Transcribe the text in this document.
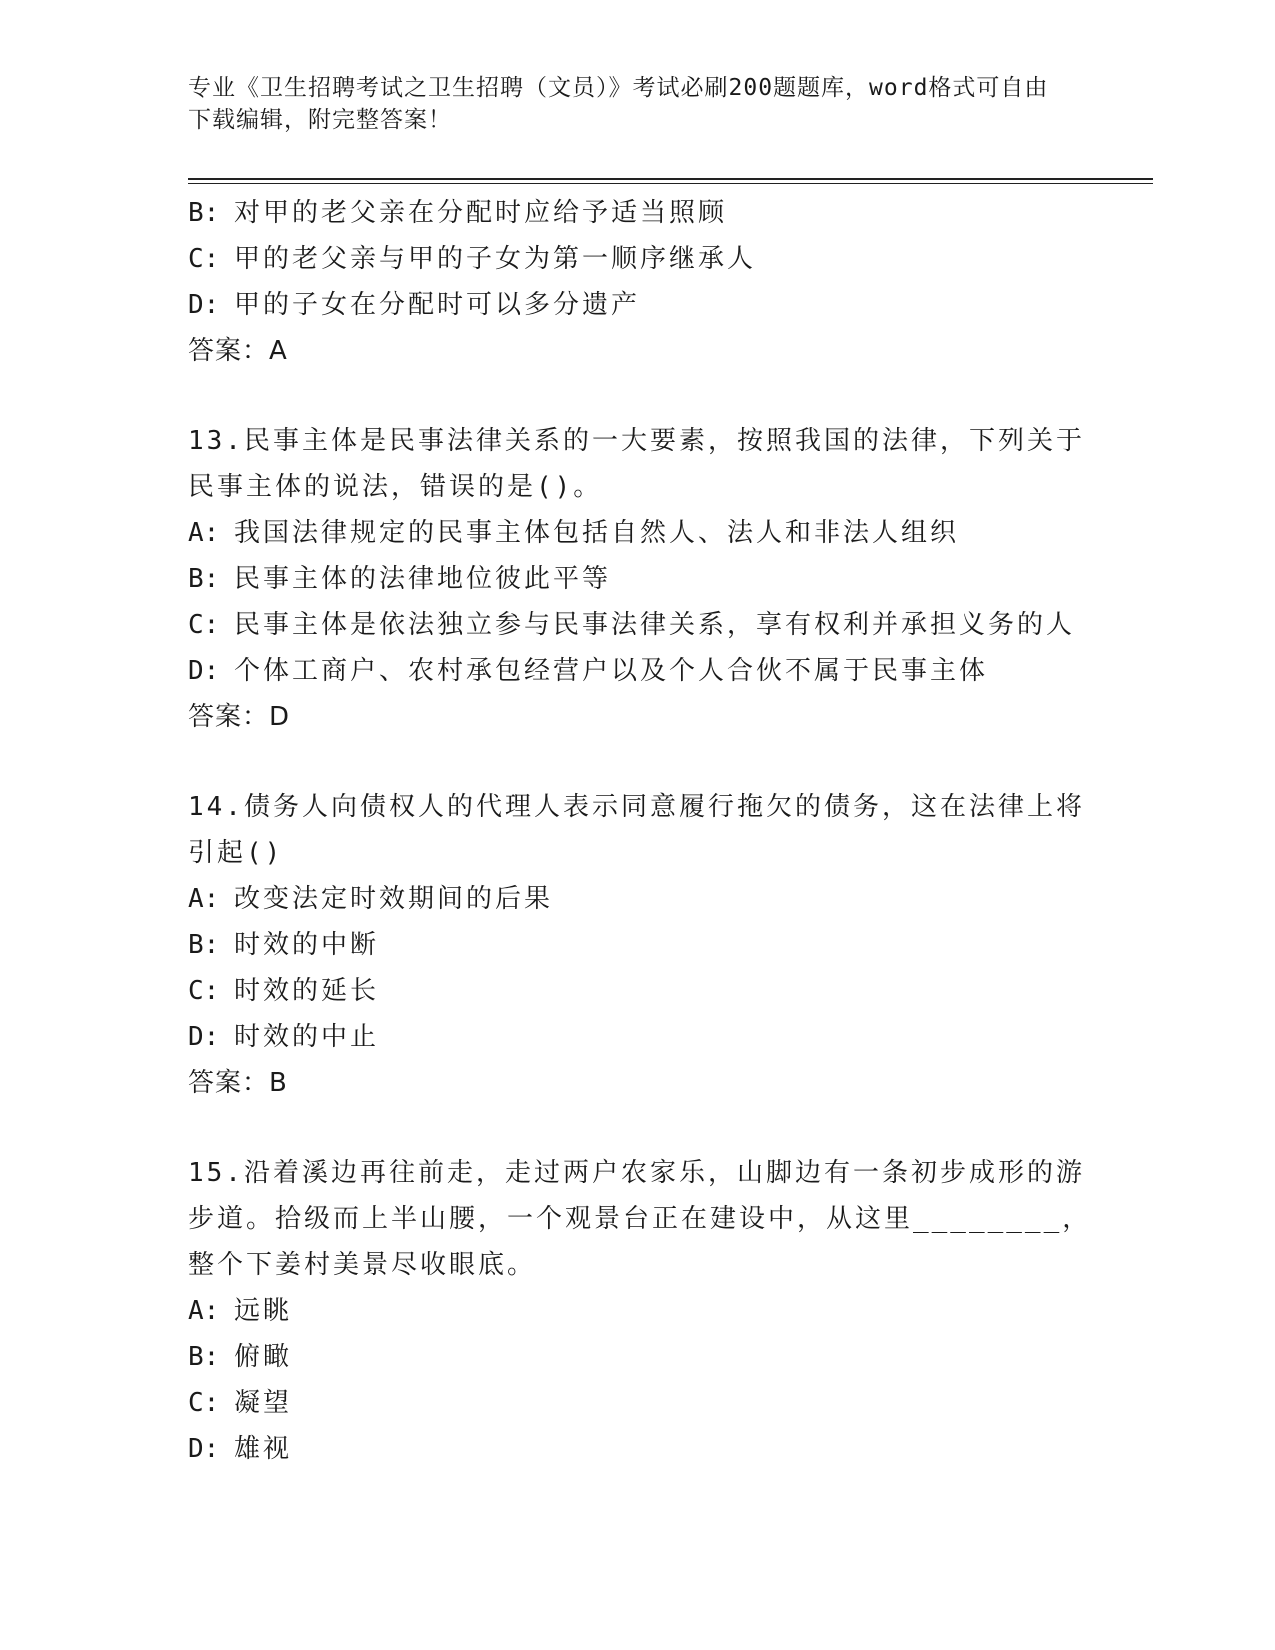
专业《卫生招聘考试之卫生招聘（文员）》考试必刷200题题库，word格式可自由下载编辑，附完整答案！
B: 对甲的老父亲在分配时应给予适当照顾
C: 甲的老父亲与甲的子女为第一顺序继承人
D: 甲的子女在分配时可以多分遗产
答案：A
13.民事主体是民事法律关系的一大要素，按照我国的法律，下列关于民事主体的说法，错误的是()。
A: 我国法律规定的民事主体包括自然人、法人和非法人组织
B: 民事主体的法律地位彼此平等
C: 民事主体是依法独立参与民事法律关系，享有权利并承担义务的人
D: 个体工商户、农村承包经营户以及个人合伙不属于民事主体
答案：D
14.债务人向债权人的代理人表示同意履行拖欠的债务，这在法律上将引起()
A: 改变法定时效期间的后果
B: 时效的中断
C: 时效的延长
D: 时效的中止
答案：B
15.沿着溪边再往前走，走过两户农家乐，山脚边有一条初步成形的游步道。拾级而上半山腰，一个观景台正在建设中，从这里________，整个下姜村美景尽收眼底。
A: 远眺
B: 俯瞰
C: 凝望
D: 雄视
